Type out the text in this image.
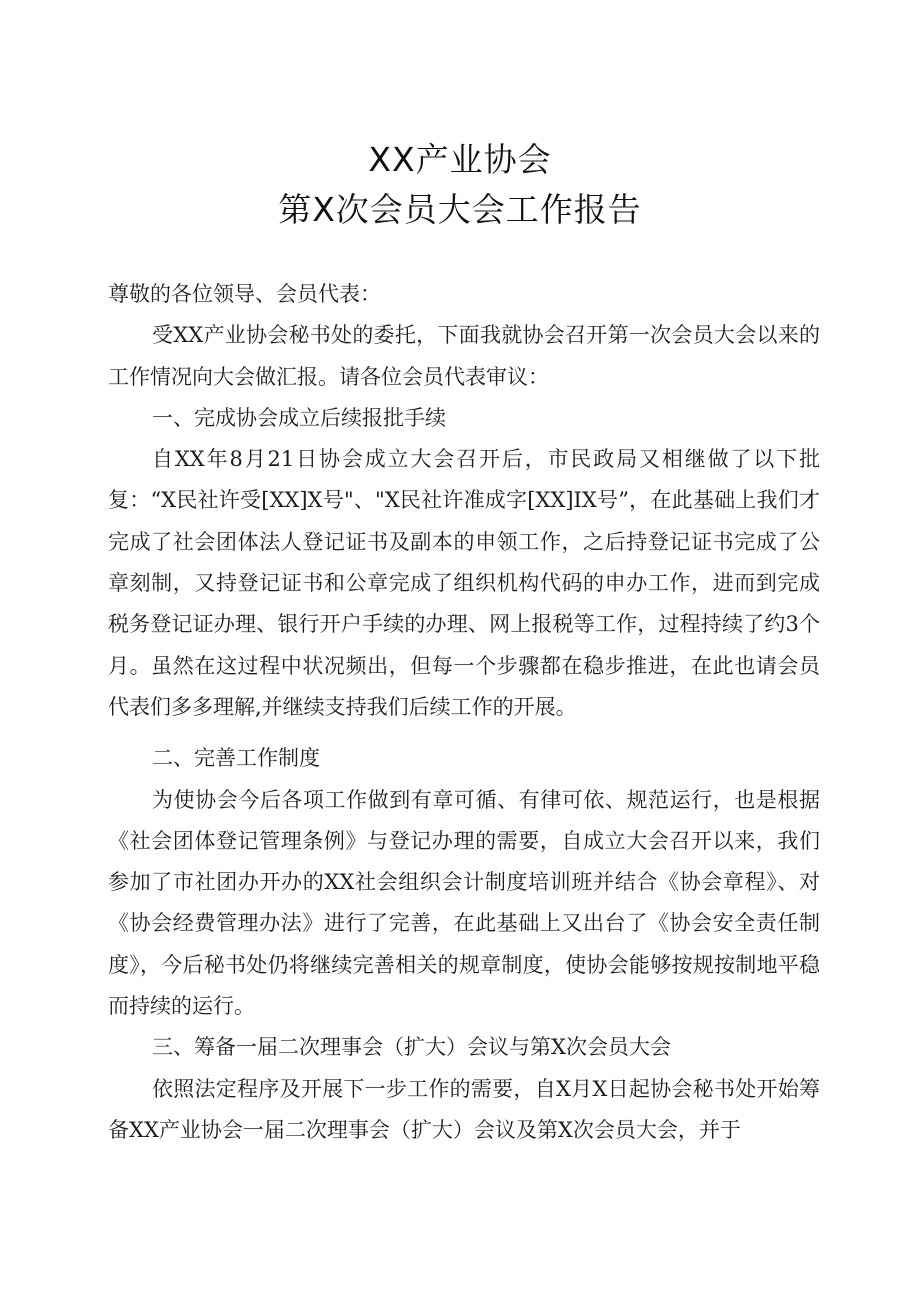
XX产业协会
第X次会员大会工作报告

尊敬的各位领导、会员代表：

受XX产业协会秘书处的委托，下面我就协会召开第一次会员大会以来的工作情况向大会做汇报。请各位会员代表审议：

一、完成协会成立后续报批手续

自XX年8月21日协会成立大会召开后，市民政局又相继做了以下批复：“X民社许受[XX]X号"、"X民社许准成字[XX]IX号”，在此基础上我们才完成了社会团体法人登记证书及副本的申领工作，之后持登记证书完成了公章刻制，又持登记证书和公章完成了组织机构代码的申办工作，进而到完成税务登记证办理、银行开户手续的办理、网上报税等工作，过程持续了约3个月。虽然在这过程中状况频出，但每一个步骤都在稳步推进，在此也请会员代表们多多理解,并继续支持我们后续工作的开展。

二、完善工作制度

为使协会今后各项工作做到有章可循、有律可依、规范运行，也是根据《社会团体登记管理条例》与登记办理的需要，自成立大会召开以来，我们参加了市社团办开办的XX社会组织会计制度培训班并结合《协会章程》、对《协会经费管理办法》进行了完善，在此基础上又出台了《协会安全责任制度》，今后秘书处仍将继续完善相关的规章制度，使协会能够按规按制地平稳而持续的运行。

三、筹备一届二次理事会（扩大）会议与第X次会员大会

依照法定程序及开展下一步工作的需要，自X月X日起协会秘书处开始筹备XX产业协会一届二次理事会（扩大）会议及第X次会员大会，并于
